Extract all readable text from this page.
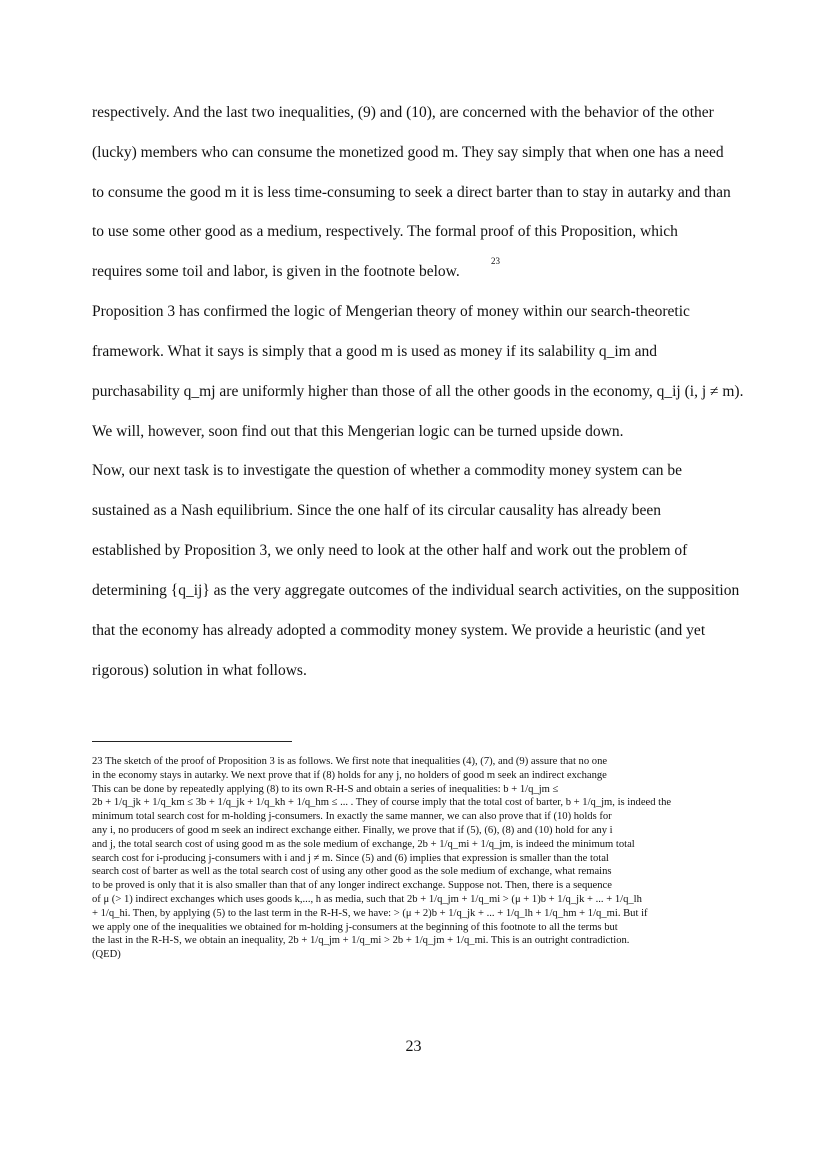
respectively. And the last two inequalities, (9) and (10), are concerned with the behavior of the other
(lucky) members who can consume the monetized good m. They say simply that when one has a need
to consume the good m it is less time-consuming to seek a direct barter than to stay in autarky and than
to use some other good as a medium, respectively. The formal proof of this Proposition, which
requires some toil and labor, is given in the footnote below.
Proposition 3 has confirmed the logic of Mengerian theory of money within our search-theoretic
framework. What it says is simply that a good m is used as money if its salability q_im and
purchasability q_mj are uniformly higher than those of all the other goods in the economy, q_ij (i, j ≠ m).
We will, however, soon find out that this Mengerian logic can be turned upside down.
Now, our next task is to investigate the question of whether a commodity money system can be
sustained as a Nash equilibrium. Since the one half of its circular causality has already been
established by Proposition 3, we only need to look at the other half and work out the problem of
determining {q_ij} as the very aggregate outcomes of the individual search activities, on the supposition
that the economy has already adopted a commodity money system. We provide a heuristic (and yet
rigorous) solution in what follows.
23
23 The sketch of the proof of Proposition 3 is as follows. We first note that inequalities (4), (7), and (9) assure that no one
in the economy stays in autarky. We next prove that if (8) holds for any j, no holders of good m seek an indirect exchange
This can be done by repeatedly applying (8) to its own R-H-S and obtain a series of inequalities: b + 1/q_jm ≤
2b + 1/q_jk + 1/q_km ≤ 3b + 1/q_jk + 1/q_kh + 1/q_hm ≤ ... . They of course imply that the total cost of barter, b + 1/q_jm, is indeed the
minimum total search cost for m-holding j-consumers. In exactly the same manner, we can also prove that if (10) holds for
any i, no producers of good m seek an indirect exchange either. Finally, we prove that if (5), (6), (8) and (10) hold for any i
and j, the total search cost of using good m as the sole medium of exchange, 2b + 1/q_mi + 1/q_jm, is indeed the minimum total
search cost for i-producing j-consumers with i and j ≠ m. Since (5) and (6) implies that expression is smaller than the total
search cost of barter as well as the total search cost of using any other good as the sole medium of exchange, what remains
to be proved is only that it is also smaller than that of any longer indirect exchange. Suppose not. Then, there is a sequence
of μ (> 1) indirect exchanges which uses goods k,..., h as media, such that 2b + 1/q_jm + 1/q_mi > (μ + 1)b + 1/q_jk + ... + 1/q_lh
+ 1/q_hi. Then, by applying (5) to the last term in the R-H-S, we have: > (μ + 2)b + 1/q_jk + ... + 1/q_lh + 1/q_hm + 1/q_mi. But if
we apply one of the inequalities we obtained for m-holding j-consumers at the beginning of this footnote to all the terms but
the last in the R-H-S, we obtain an inequality, 2b + 1/q_jm + 1/q_mi > 2b + 1/q_jm + 1/q_mi. This is an outright contradiction.
(QED)
23
